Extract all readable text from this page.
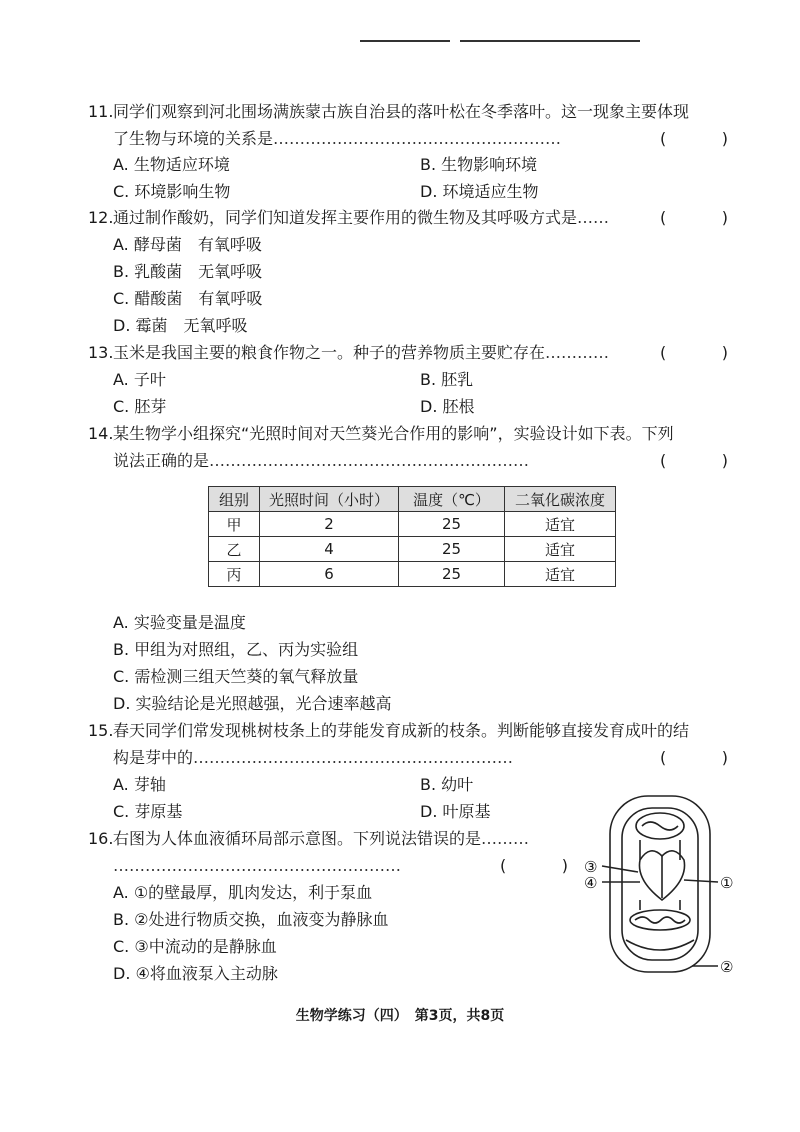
11. 同学们观察到河北围场满族蒙古族自治县的落叶松在冬季落叶。这一现象主要体现
了生物与环境的关系是………………………………………………	(	)
A. 生物适应环境	B. 生物影响环境
C. 环境影响生物	D. 环境适应生物
12. 通过制作酸奶，同学们知道发挥主要作用的微生物及其呼吸方式是……	(	)
A. 酵母菌　有氧呼吸
B. 乳酸菌　无氧呼吸
C. 醋酸菌　有氧呼吸
D. 霉菌　无氧呼吸
13. 玉米是我国主要的粮食作物之一。种子的营养物质主要贮存在…………	(	)
A. 子叶	B. 胚乳
C. 胚芽	D. 胚根
14. 某生物学小组探究“光照时间对天竺葵光合作用的影响”，实验设计如下表。下列
说法正确的是……………………………………………………	(	)
组别	光照时间（小时）	温度（℃）	二氧化碳浓度
甲	2	25	适宜
乙	4	25	适宜
丙	6	25	适宜
A. 实验变量是温度
B. 甲组为对照组，乙、丙为实验组
C. 需检测三组天竺葵的氧气释放量
D. 实验结论是光照越强，光合速率越高
15. 春天同学们常发现桃树枝条上的芽能发育成新的枝条。判断能够直接发育成叶的结
构是芽中的……………………………………………………	(	)
A. 芽轴	B. 幼叶
C. 芽原基	D. 叶原基
16. 右图为人体血液循环局部示意图。下列说法错误的是………
………………………………………………	(	)
A. ①的壁最厚，肌肉发达，利于泵血
B. ②处进行物质交换，血液变为静脉血
C. ③中流动的是静脉血
D. ④将血液泵入主动脉
③
④	①
②
生物学练习（四）　第3页，共8页
